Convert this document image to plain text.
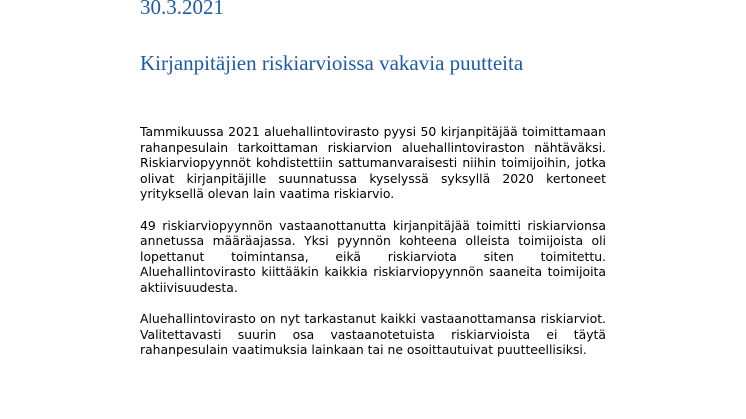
30.3.2021

Kirjanpitäjien riskiarvioissa vakavia puutteita

Tammikuussa 2021 aluehallintovirasto pyysi 50 kirjanpitäjää toimittamaan rahanpesulain tarkoittaman riskiarvion aluehallintoviraston nähtäväksi. Riskiarviopyynnöt kohdistettiin sattumanvaraisesti niihin toimijoihin, jotka olivat kirjanpitäjille suunnatussa kyselyssä syksyllä 2020 kertoneet yrityksellä olevan lain vaatima riskiarvio.

49 riskiarviopyynnön vastaanottanutta kirjanpitäjää toimitti riskiarvionsa annetussa määräajassa. Yksi pyynnön kohteena olleista toimijoista oli lopettanut toimintansa, eikä riskiarviota siten toimitettu. Aluehallintovirasto kiittääkin kaikkia riskiarviopyynnön saaneita toimijoita aktiivisuudesta.

Aluehallintovirasto on nyt tarkastanut kaikki vastaanottamansa riskiarviot. Valitettavasti suurin osa vastaanotetuista riskiarvioista ei täytä rahanpesulain vaatimuksia lainkaan tai ne osoittautuivat puutteellisiksi.
